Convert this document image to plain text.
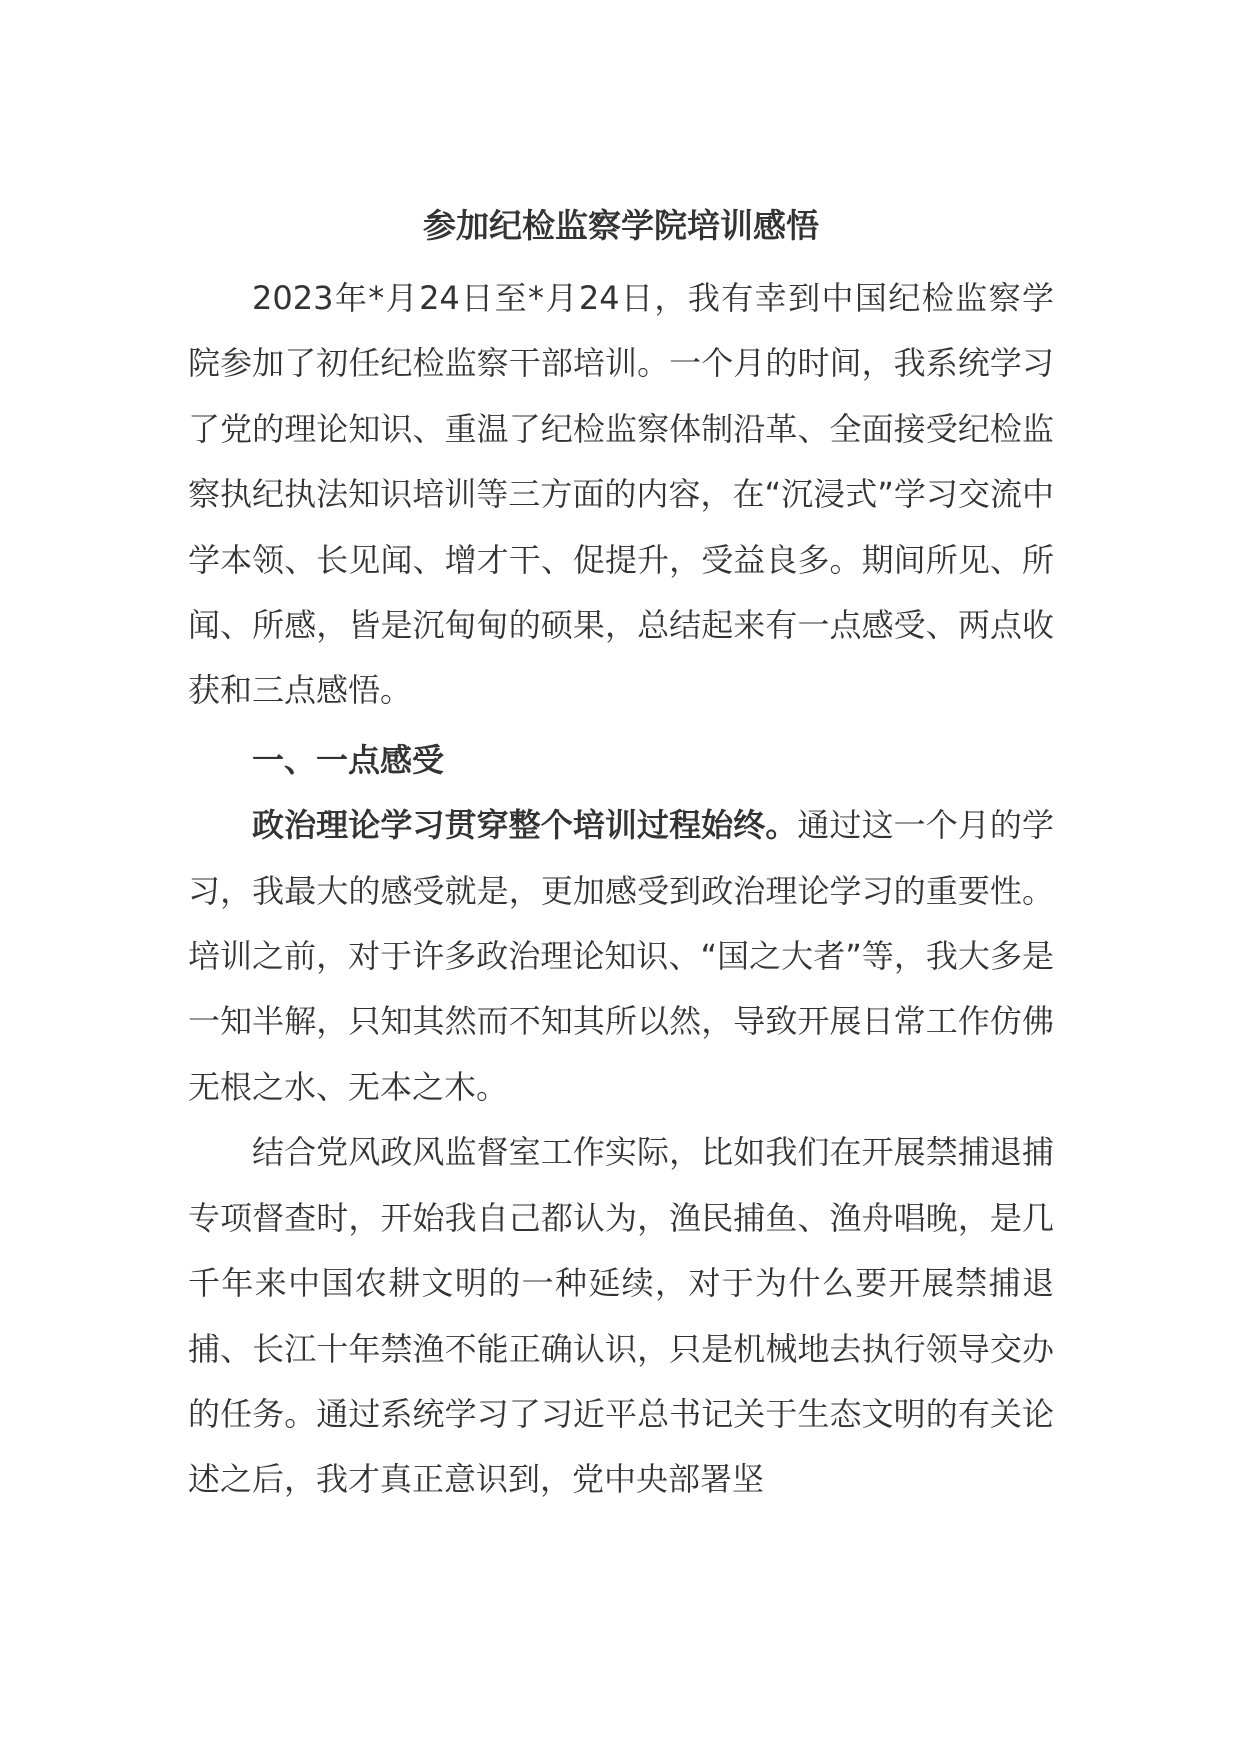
参加纪检监察学院培训感悟

2023年*月24日至*月24日，我有幸到中国纪检监察学院参加了初任纪检监察干部培训。一个月的时间，我系统学习了党的理论知识、重温了纪检监察体制沿革、全面接受纪检监察执纪执法知识培训等三方面的内容，在“沉浸式”学习交流中学本领、长见闻、增才干、促提升，受益良多。期间所见、所闻、所感，皆是沉甸甸的硕果，总结起来有一点感受、两点收获和三点感悟。

一、一点感受

政治理论学习贯穿整个培训过程始终。通过这一个月的学习，我最大的感受就是，更加感受到政治理论学习的重要性。培训之前，对于许多政治理论知识、“国之大者”等，我大多是一知半解，只知其然而不知其所以然，导致开展日常工作仿佛无根之水、无本之木。

结合党风政风监督室工作实际，比如我们在开展禁捕退捕专项督查时，开始我自己都认为，渔民捕鱼、渔舟唱晚，是几千年来中国农耕文明的一种延续，对于为什么要开展禁捕退捕、长江十年禁渔不能正确认识，只是机械地去执行领导交办的任务。通过系统学习了习近平总书记关于生态文明的有关论述之后，我才真正意识到，党中央部署坚
